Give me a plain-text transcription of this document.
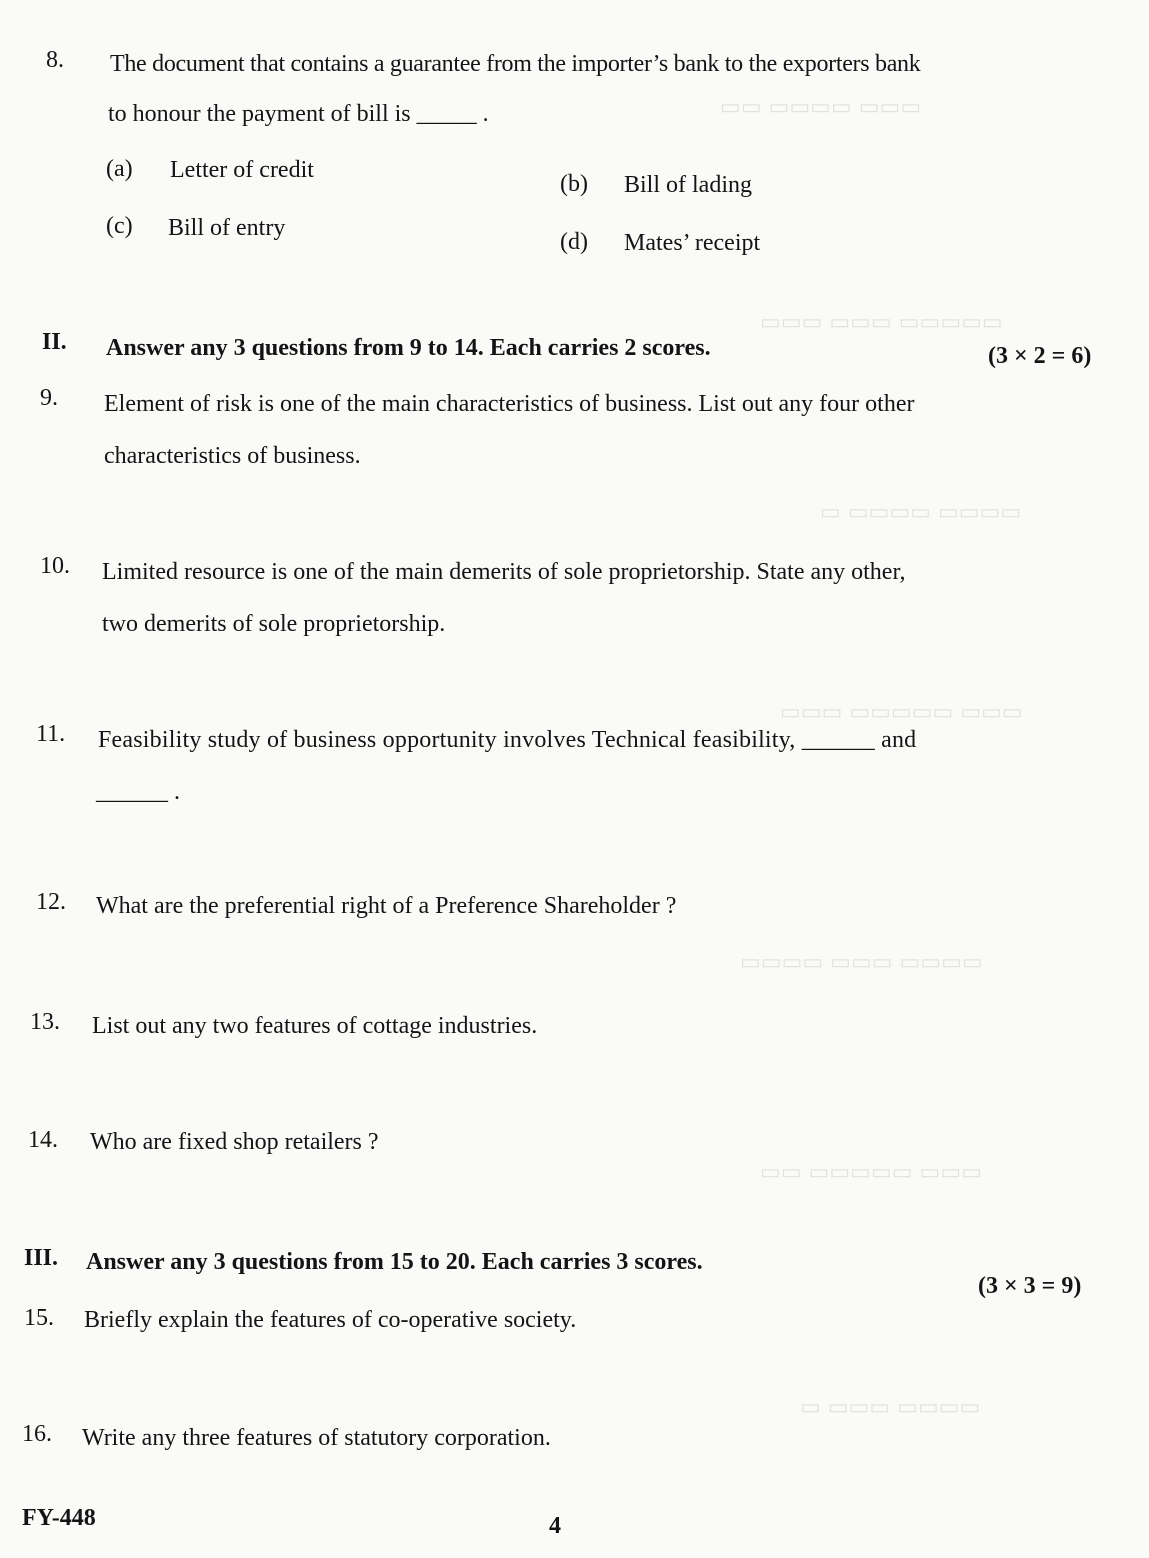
▭▭▭ ▭▭▭▭ ▭▭
▭▭▭▭▭ ▭▭▭ ▭▭▭
▭▭▭▭ ▭▭▭▭ ▭
▭▭▭ ▭▭▭▭▭ ▭▭▭
▭▭▭▭ ▭▭▭ ▭▭▭▭
▭▭▭ ▭▭▭▭▭ ▭▭
▭▭▭▭ ▭▭▭ ▭
8. The document that contains a guarantee from the importer’s bank to the exporters bank
to honour the payment of bill is _____ .
(a) Letter of credit
(b) Bill of lading
(c) Bill of entry
(d) Mates’ receipt
II. Answer any 3 questions from 9 to 14. Each carries 2 scores.	(3 × 2 = 6)
9. Element of risk is one of the main characteristics of business. List out any four other
characteristics of business.
10. Limited resource is one of the main demerits of sole proprietorship. State any other,
two demerits of sole proprietorship.
11. Feasibility study of business opportunity involves Technical feasibility, ______ and
______ .
12. What are the preferential right of a Preference Shareholder ?
13. List out any two features of cottage industries.
14. Who are fixed shop retailers ?
III. Answer any 3 questions from 15 to 20. Each carries 3 scores.
(3 × 3 = 9)
15. Briefly explain the features of co-operative society.
16. Write any three features of statutory corporation.
FY-448	4
